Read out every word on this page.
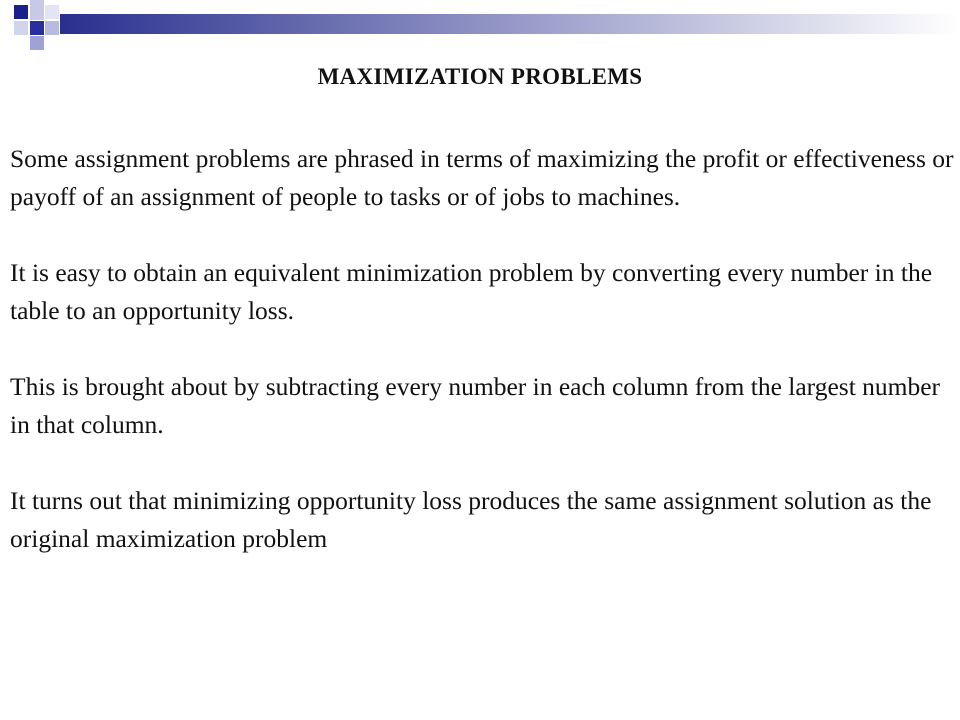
MAXIMIZATION PROBLEMS

Some assignment problems are phrased in terms of maximizing the profit or effectiveness or payoff of an assignment of people to tasks or of jobs to machines.

It is easy to obtain an equivalent minimization problem by converting every number in the table to an opportunity loss.

This is brought about by subtracting every number in each column from the largest number in that column.

It turns out that minimizing opportunity loss produces the same assignment solution as the original maximization problem
